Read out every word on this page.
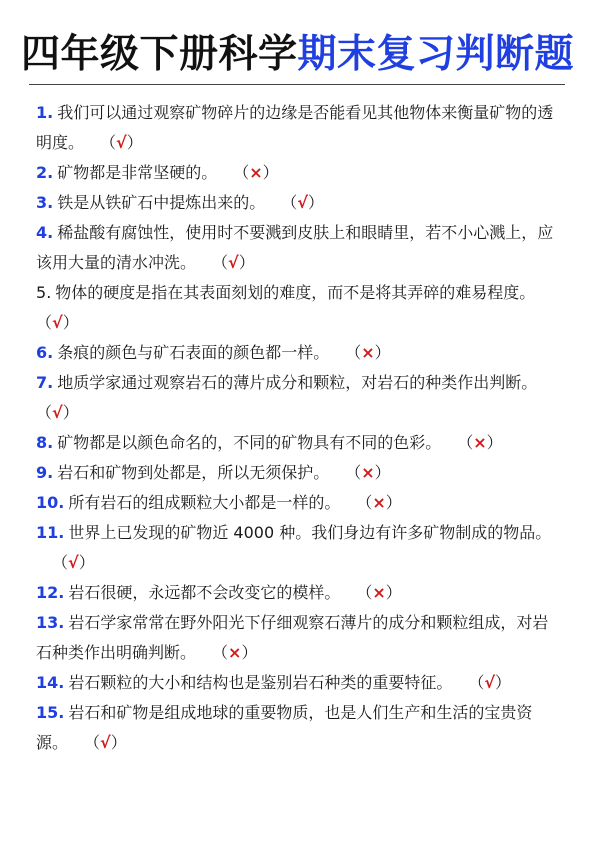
四年级下册科学期末复习判断题

1. 我们可以通过观察矿物碎片的边缘是否能看见其他物体来衡量矿物的透明度。 （√）

2. 矿物都是非常坚硬的。 （×）

3. 铁是从铁矿石中提炼出来的。 （√）

4. 稀盐酸有腐蚀性，使用时不要溅到皮肤上和眼睛里，若不小心溅上，应该用大量的清水冲洗。 （√）

5. 物体的硬度是指在其表面刻划的难度，而不是将其弄碎的难易程度。（√）

6. 条痕的颜色与矿石表面的颜色都一样。 （×）

7. 地质学家通过观察岩石的薄片成分和颗粒，对岩石的种类作出判断。（√）

8. 矿物都是以颜色命名的，不同的矿物具有不同的色彩。 （×）

9. 岩石和矿物到处都是，所以无须保护。 （×）

10. 所有岩石的组成颗粒大小都是一样的。 （×）

11. 世界上已发现的矿物近 4000 种。我们身边有许多矿物制成的物品。（√）

12. 岩石很硬，永远都不会改变它的模样。 （×）

13. 岩石学家常常在野外阳光下仔细观察石薄片的成分和颗粒组成，对岩石种类作出明确判断。 （×）

14. 岩石颗粒的大小和结构也是鉴别岩石种类的重要特征。 （√）

15. 岩石和矿物是组成地球的重要物质，也是人们生产和生活的宝贵资源。 （√）
